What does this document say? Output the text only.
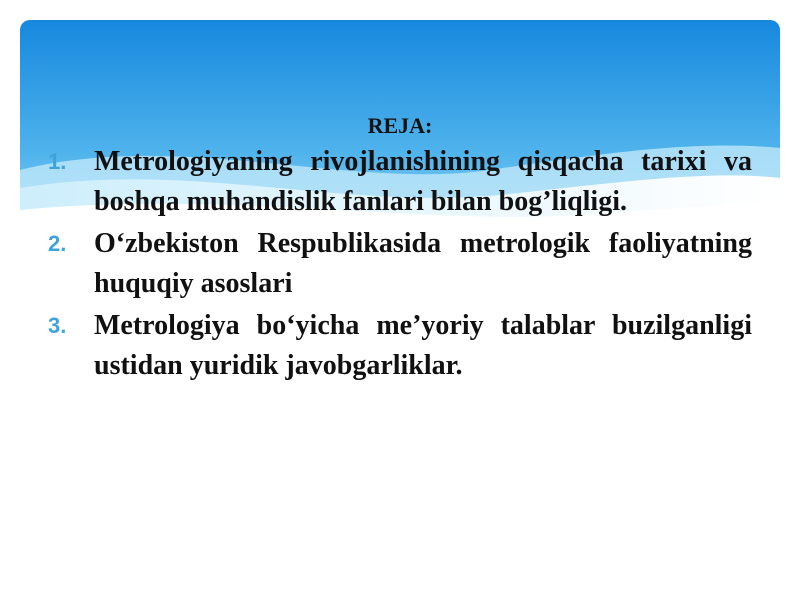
REJA:
1. Metrologiyaning rivojlanishining qisqacha tarixi va boshqa muhandislik fanlari bilan bog’liqligi.
2. O‘zbekiston Respublikasida metrologik faoliyatning huquqiy asoslari
3. Metrologiya bo‘yicha me’yoriy talablar buzilganligi ustidan yuridik javobgarliklar.
